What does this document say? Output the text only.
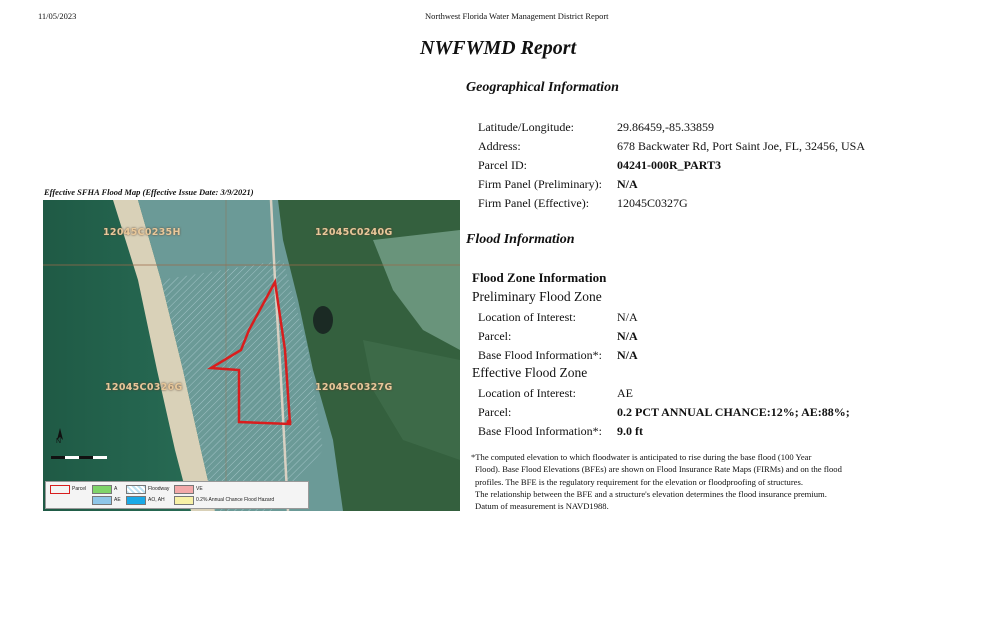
11/05/2023	Northwest Florida Water Management District Report
NWFWMD Report
Geographical Information
Latitude/Longitude:	29.86459,-85.33859
Address:	678 Backwater Rd, Port Saint Joe, FL, 32456, USA
Parcel ID:	04241-000R_PART3
Firm Panel (Preliminary): N/A
Firm Panel (Effective): 12045C0327G
Effective SFHA Flood Map (Effective Issue Date: 3/9/2021)
12045C0235H	12045C0240G
12045C0326G	12045C0327G
N
Parcel	A	Floodway	VE
AE	AO, AH	0.2% Annual Chance Flood Hazard
Flood Information
Flood Zone Information
Preliminary Flood Zone
Location of Interest:	N/A
Parcel:	N/A
Base Flood Information*: N/A
Effective Flood Zone
Location of Interest:	AE
Parcel:	0.2 PCT ANNUAL CHANCE:12%; AE:88%;
Base Flood Information*: 9.0 ft
*The computed elevation to which floodwater is anticipated to rise during the base flood (100 Year
Flood). Base Flood Elevations (BFEs) are shown on Flood Insurance Rate Maps (FIRMs) and on the flood
profiles. The BFE is the regulatory requirement for the elevation or floodproofing of structures.
The relationship between the BFE and a structure's elevation determines the flood insurance premium.
Datum of measurement is NAVD1988.
